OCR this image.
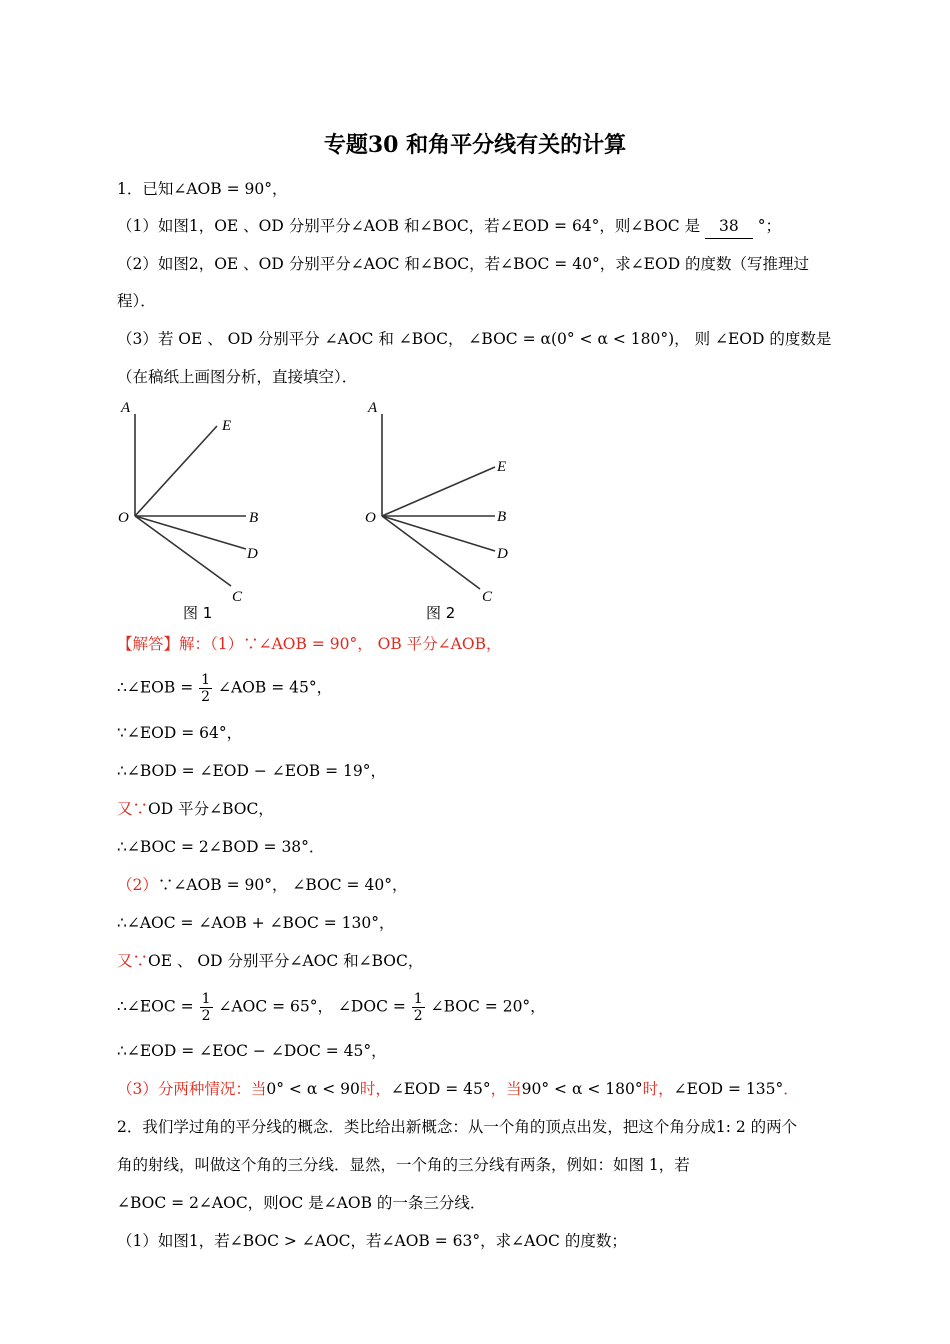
专题30 和角平分线有关的计算
1．已知∠AOB = 90°，
（1）如图1，OE 、OD 分别平分∠AOB 和∠BOC，若∠EOD = 64°，则∠BOC 是 38 °；
（2）如图2，OE 、OD 分别平分∠AOC 和∠BOC，若∠BOC = 40°，求∠EOD 的度数（写推理过
程）．
（3）若 OE 、 OD 分别平分 ∠AOC 和 ∠BOC， ∠BOC = α(0° < α < 180°)， 则 ∠EOD 的度数是
（在稿纸上画图分析，直接填空）．
A
E
O	B
D
C
图 1
A
E
O	B
D
C
图 2
【解答】解：（1）∵∠AOB = 90°， OB 平分∠AOB，
∴∠EOB = $\frac{1}{2}$ ∠AOB = 45°，
∵∠EOD = 64°，
∴∠BOD = ∠EOD − ∠EOB = 19°，
又∵OD 平分∠BOC，
∴∠BOC = 2∠BOD = 38°．
（2）∵∠AOB = 90°， ∠BOC = 40°，
∴∠AOC = ∠AOB + ∠BOC = 130°，
又∵OE 、 OD 分别平分∠AOC 和∠BOC，
∴∠EOC = $\frac{1}{2}$ ∠AOC = 65°， ∠DOC = $\frac{1}{2}$ ∠BOC = 20°，
∴∠EOD = ∠EOC − ∠DOC = 45°，
（3）分两种情况：当0° < α < 90时，∠EOD = 45°，当90° < α < 180°时，∠EOD = 135°．
2．我们学过角的平分线的概念．类比给出新概念：从一个角的顶点出发，把这个角分成1: 2 的两个
角的射线，叫做这个角的三分线．显然，一个角的三分线有两条，例如：如图 1，若
∠BOC = 2∠AOC，则OC 是∠AOB 的一条三分线．
（1）如图1，若∠BOC > ∠AOC，若∠AOB = 63°，求∠AOC 的度数；
